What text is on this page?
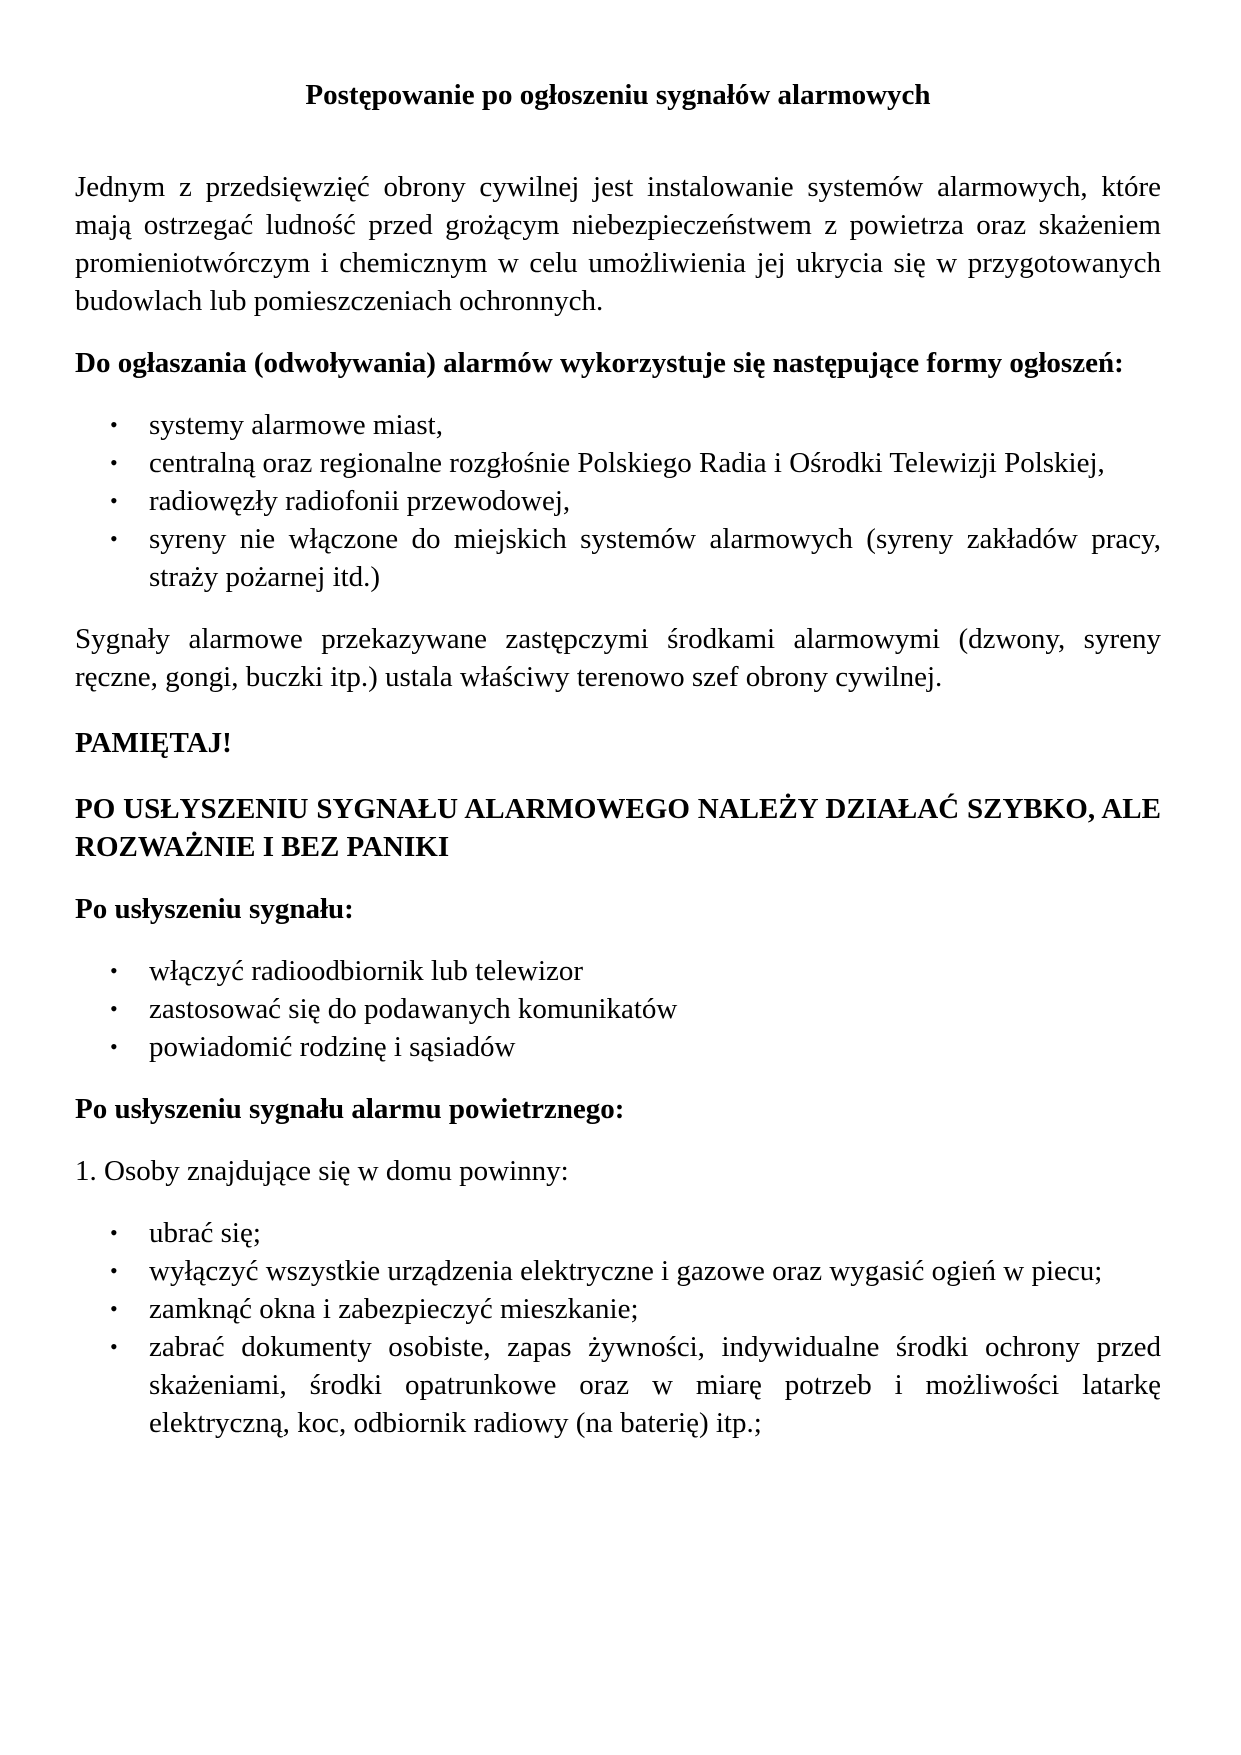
Postępowanie po ogłoszeniu sygnałów alarmowych

Jednym z przedsięwzięć obrony cywilnej jest instalowanie systemów alarmowych, które mają ostrzegać ludność przed grożącym niebezpieczeństwem z powietrza oraz skażeniem promieniotwórczym i chemicznym w celu umożliwienia jej ukrycia się w przygotowanych budowlach lub pomieszczeniach ochronnych.

Do ogłaszania (odwoływania) alarmów wykorzystuje się następujące formy ogłoszeń:

• systemy alarmowe miast,
• centralną oraz regionalne rozgłośnie Polskiego Radia i Ośrodki Telewizji Polskiej,
• radiowęzły radiofonii przewodowej,
• syreny nie włączone do miejskich systemów alarmowych (syreny zakładów pracy, straży pożarnej itd.)

Sygnały alarmowe przekazywane zastępczymi środkami alarmowymi (dzwony, syreny ręczne, gongi, buczki itp.) ustala właściwy terenowo szef obrony cywilnej.

PAMIĘTAJ!

PO USŁYSZENIU SYGNAŁU ALARMOWEGO NALEŻY DZIAŁAĆ SZYBKO, ALE ROZWAŻNIE I BEZ PANIKI

Po usłyszeniu sygnału:

• włączyć radioodbiornik lub telewizor
• zastosować się do podawanych komunikatów
• powiadomić rodzinę i sąsiadów

Po usłyszeniu sygnału alarmu powietrznego:

1. Osoby znajdujące się w domu powinny:

• ubrać się;
• wyłączyć wszystkie urządzenia elektryczne i gazowe oraz wygasić ogień w piecu;
• zamknąć okna i zabezpieczyć mieszkanie;
• zabrać dokumenty osobiste, zapas żywności, indywidualne środki ochrony przed skażeniami, środki opatrunkowe oraz w miarę potrzeb i możliwości latarkę elektryczną, koc, odbiornik radiowy (na baterię) itp.;
